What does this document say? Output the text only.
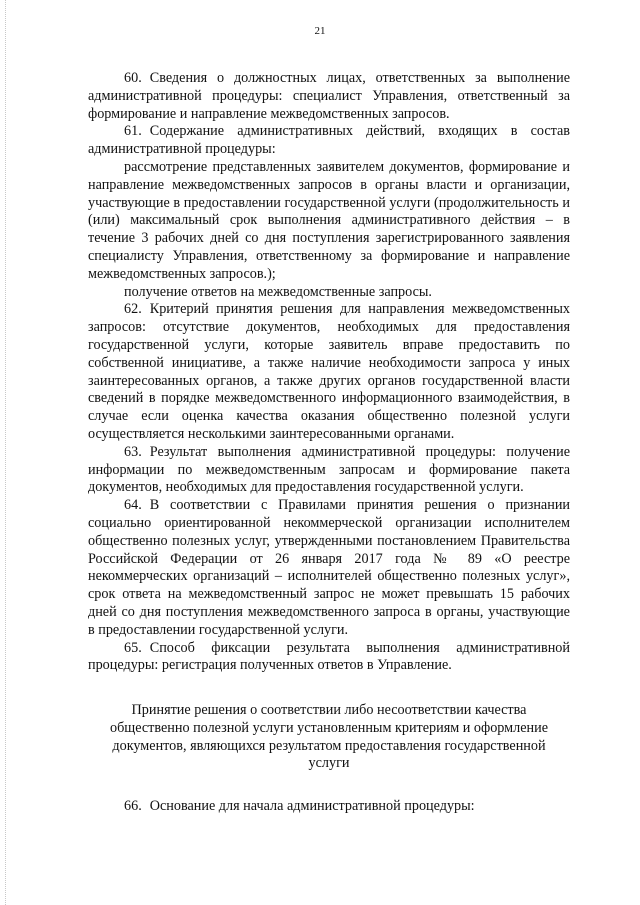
21

60. Сведения о должностных лицах, ответственных за выполнение административной процедуры: специалист Управления, ответственный за формирование и направление межведомственных запросов.

61. Содержание административных действий, входящих в состав административной процедуры:

рассмотрение представленных заявителем документов, формирование и направление межведомственных запросов в органы власти и организации, участвующие в предоставлении государственной услуги (продолжительность и (или) максимальный срок выполнения административного действия – в течение 3 рабочих дней со дня поступления зарегистрированного заявления специалисту Управления, ответственному за формирование и направление межведомственных запросов.);

получение ответов на межведомственные запросы.

62. Критерий принятия решения для направления межведомственных запросов: отсутствие документов, необходимых для предоставления государственной услуги, которые заявитель вправе предоставить по собственной инициативе, а также наличие необходимости запроса у иных заинтересованных органов, а также других органов государственной власти сведений в порядке межведомственного информационного взаимодействия, в случае если оценка качества оказания общественно полезной услуги осуществляется несколькими заинтересованными органами.

63. Результат выполнения административной процедуры: получение информации по межведомственным запросам и формирование пакета документов, необходимых для предоставления государственной услуги.

64. В соответствии с Правилами принятия решения о признании социально ориентированной некоммерческой организации исполнителем общественно полезных услуг, утвержденными постановлением Правительства Российской Федерации от 26 января 2017 года № 89 «О реестре некоммерческих организаций – исполнителей общественно полезных услуг», срок ответа на межведомственный запрос не может превышать 15 рабочих дней со дня поступления межведомственного запроса в органы, участвующие в предоставлении государственной услуги.

65. Способ фиксации результата выполнения административной процедуры: регистрация полученных ответов в Управление.

Принятие решения о соответствии либо несоответствии качества
общественно полезной услуги установленным критериям и оформление
документов, являющихся результатом предоставления государственной
услуги

66. Основание для начала административной процедуры:
